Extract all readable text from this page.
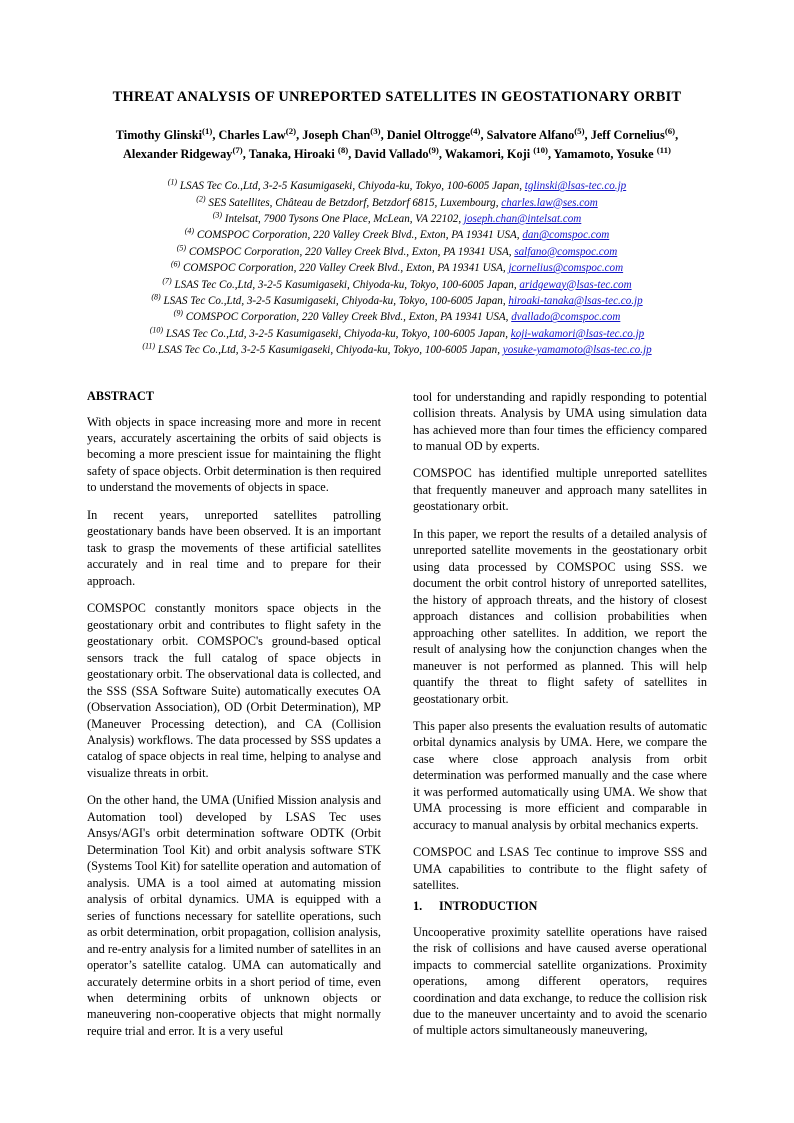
THREAT ANALYSIS OF UNREPORTED SATELLITES IN GEOSTATIONARY ORBIT
Timothy Glinski$^{(1)}$, Charles Law$^{(2)}$, Joseph Chan$^{(3)}$, Daniel Oltrogge$^{(4)}$, Salvatore Alfano$^{(5)}$, Jeff Cornelius$^{(6)}$,
Alexander Ridgeway$^{(7)}$, Tanaka, Hiroaki $^{(8)}$, David Vallado$^{(9)}$, Wakamori, Koji $^{(10)}$, Yamamoto, Yosuke $^{(11)}$
$^{(1)}$ LSAS Tec Co.,Ltd, 3-2-5 Kasumigaseki, Chiyoda-ku, Tokyo, 100-6005 Japan, tglinski@lsas-tec.co.jp
$^{(2)}$ SES Satellites, Château de Betzdorf, Betzdorf 6815, Luxembourg, charles.law@ses.com
$^{(3)}$ Intelsat, 7900 Tysons One Place, McLean, VA 22102, joseph.chan@intelsat.com
$^{(4)}$ COMSPOC Corporation, 220 Valley Creek Blvd., Exton, PA 19341 USA, dan@comspoc.com
$^{(5)}$ COMSPOC Corporation, 220 Valley Creek Blvd., Exton, PA 19341 USA, salfano@comspoc.com
$^{(6)}$ COMSPOC Corporation, 220 Valley Creek Blvd., Exton, PA 19341 USA, jcornelius@comspoc.com
$^{(7)}$ LSAS Tec Co.,Ltd, 3-2-5 Kasumigaseki, Chiyoda-ku, Tokyo, 100-6005 Japan, aridgeway@lsas-tec.com
$^{(8)}$ LSAS Tec Co.,Ltd, 3-2-5 Kasumigaseki, Chiyoda-ku, Tokyo, 100-6005 Japan, hiroaki-tanaka@lsas-tec.co.jp
$^{(9)}$ COMSPOC Corporation, 220 Valley Creek Blvd., Exton, PA 19341 USA, dvallado@comspoc.com
$^{(10)}$ LSAS Tec Co.,Ltd, 3-2-5 Kasumigaseki, Chiyoda-ku, Tokyo, 100-6005 Japan, koji-wakamori@lsas-tec.co.jp
$^{(11)}$ LSAS Tec Co.,Ltd, 3-2-5 Kasumigaseki, Chiyoda-ku, Tokyo, 100-6005 Japan, yosuke-yamamoto@lsas-tec.co.jp
ABSTRACT

With objects in space increasing more and more in recent years, accurately ascertaining the orbits of said objects is becoming a more prescient issue for maintaining the flight safety of space objects. Orbit determination is then required to understand the movements of objects in space.

In recent years, unreported satellites patrolling geostationary bands have been observed. It is an important task to grasp the movements of these artificial satellites accurately and in real time and to prepare for their approach.

COMSPOC constantly monitors space objects in the geostationary orbit and contributes to flight safety in the geostationary orbit. COMSPOC's ground-based optical sensors track the full catalog of space objects in geostationary orbit. The observational data is collected, and the SSS (SSA Software Suite) automatically executes OA (Observation Association), OD (Orbit Determination), MP (Maneuver Processing detection), and CA (Collision Analysis) workflows. The data processed by SSS updates a catalog of space objects in real time, helping to analyse and visualize threats in orbit.

On the other hand, the UMA (Unified Mission analysis and Automation tool) developed by LSAS Tec uses Ansys/AGI's orbit determination software ODTK (Orbit Determination Tool Kit) and orbit analysis software STK (Systems Tool Kit) for satellite operation and automation of analysis. UMA is a tool aimed at automating mission analysis of orbital dynamics. UMA is equipped with a series of functions necessary for satellite operations, such as orbit determination, orbit propagation, collision analysis, and re-entry analysis for a limited number of satellites in an operator’s satellite catalog. UMA can automatically and accurately determine orbits in a short period of time, even when determining orbits of unknown objects or maneuvering non-cooperative objects that might normally require trial and error. It is a very useful

tool for understanding and rapidly responding to potential collision threats. Analysis by UMA using simulation data has achieved more than four times the efficiency compared to manual OD by experts.

COMSPOC has identified multiple unreported satellites that frequently maneuver and approach many satellites in geostationary orbit.

In this paper, we report the results of a detailed analysis of unreported satellite movements in the geostationary orbit using data processed by COMSPOC using SSS. we document the orbit control history of unreported satellites, the history of approach threats, and the history of closest approach distances and collision probabilities when approaching other satellites. In addition, we report the result of analysing how the conjunction changes when the maneuver is not performed as planned. This will help quantify the threat to flight safety of satellites in geostationary orbit.

This paper also presents the evaluation results of automatic orbital dynamics analysis by UMA. Here, we compare the case where close approach analysis from orbit determination was performed manually and the case where it was performed automatically using UMA. We show that UMA processing is more efficient and comparable in accuracy to manual analysis by orbital mechanics experts.

COMSPOC and LSAS Tec continue to improve SSS and UMA capabilities to contribute to the flight safety of satellites.

1. INTRODUCTION

Uncooperative proximity satellite operations have raised the risk of collisions and have caused averse operational impacts to commercial satellite organizations. Proximity operations, among different operators, requires coordination and data exchange, to reduce the collision risk due to the maneuver uncertainty and to avoid the scenario of multiple actors simultaneously maneuvering,
